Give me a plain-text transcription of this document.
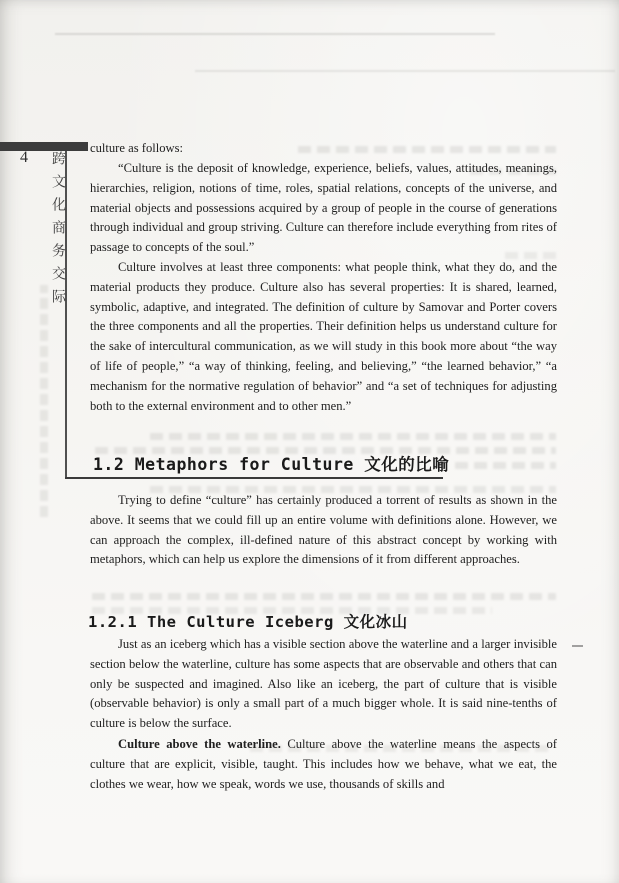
4	跨文化商务交际

culture as follows:

“Culture is the deposit of knowledge, experience, beliefs, values, attitudes, meanings, hierarchies, religion, notions of time, roles, spatial relations, concepts of the universe, and material objects and possessions acquired by a group of people in the course of generations through individual and group striving. Culture can therefore include everything from rites of passage to concepts of the soul.”

Culture involves at least three components: what people think, what they do, and the material products they produce. Culture also has several properties: It is shared, learned, symbolic, adaptive, and integrated. The definition of culture by Samovar and Porter covers the three components and all the properties. Their definition helps us understand culture for the sake of intercultural communication, as we will study in this book more about “the way of life of people,” “a way of thinking, feeling, and believing,” “the learned behavior,” “a mechanism for the normative regulation of behavior” and “a set of techniques for adjusting both to the external environment and to other men.”

1.2 Metaphors for Culture 文化的比喻

Trying to define “culture” has certainly produced a torrent of results as shown in the above. It seems that we could fill up an entire volume with definitions alone. However, we can approach the complex, ill-defined nature of this abstract concept by working with metaphors, which can help us explore the dimensions of it from different approaches.

1.2.1 The Culture Iceberg 文化冰山

Just as an iceberg which has a visible section above the waterline and a larger invisible section below the waterline, culture has some aspects that are observable and others that can only be suspected and imagined. Also like an iceberg, the part of culture that is visible (observable behavior) is only a small part of a much bigger whole. It is said nine-tenths of culture is below the surface.

Culture above the waterline. Culture above the waterline means the aspects of culture that are explicit, visible, taught. This includes how we behave, what we eat, the clothes we wear, how we speak, words we use, thousands of skills and
